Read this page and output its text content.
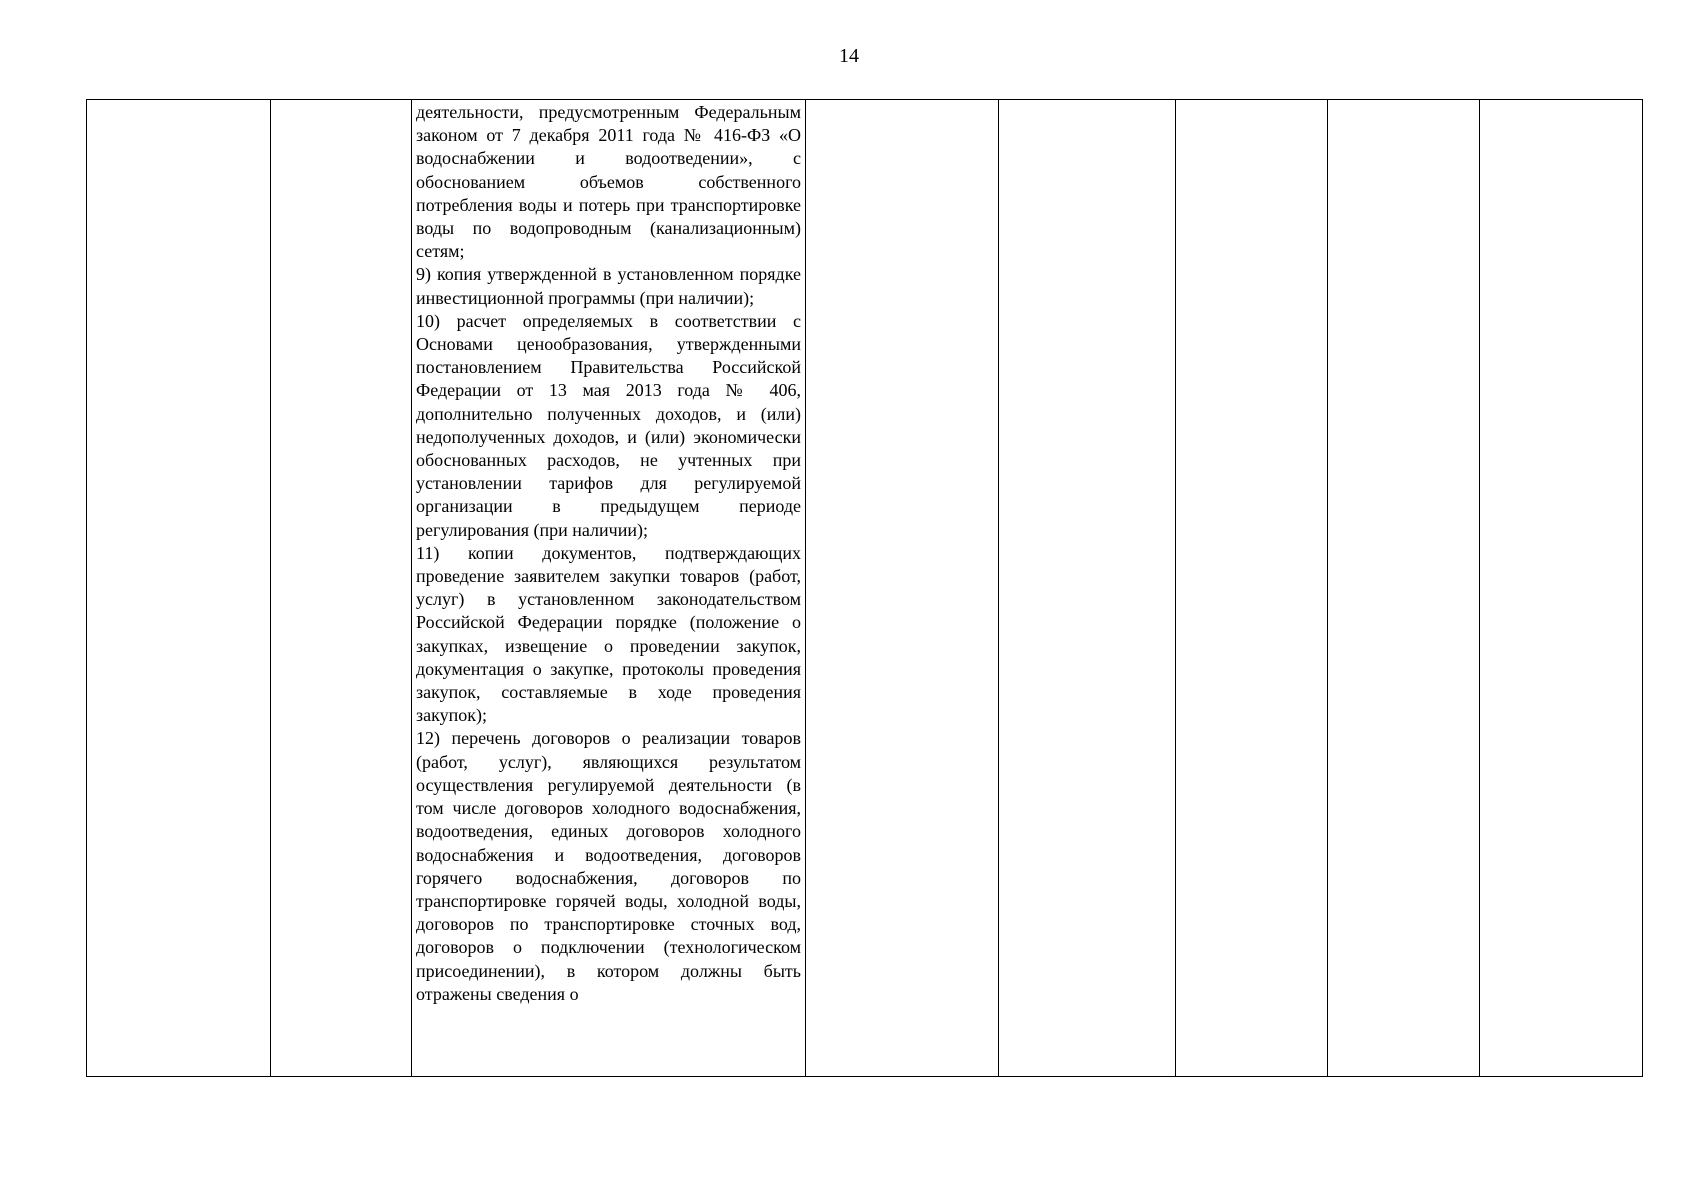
14

деятельности, предусмотренным Федеральным законом от 7 декабря 2011 года № 416-ФЗ «О водоснабжении и водоотведении», с обоснованием объемов собственного потребления воды и потерь при транспортировке воды по водопроводным (канализационным) сетям;

9) копия утвержденной в установленном порядке инвестиционной программы (при наличии);

10) расчет определяемых в соответствии с Основами ценообразования, утвержденными постановлением Правительства Российской Федерации от 13 мая 2013 года № 406, дополнительно полученных доходов, и (или) недополученных доходов, и (или) экономически обоснованных расходов, не учтенных при установлении тарифов для регулируемой организации в предыдущем периоде регулирования (при наличии);

11) копии документов, подтверждающих проведение заявителем закупки товаров (работ, услуг) в установленном законодательством Российской Федерации порядке (положение о закупках, извещение о проведении закупок, документация о закупке, протоколы проведения закупок, составляемые в ходе проведения закупок);

12) перечень договоров о реализации товаров (работ, услуг), являющихся результатом осуществления регулируемой деятельности (в том числе договоров холодного водоснабжения, водоотведения, единых договоров холодного водоснабжения и водоотведения, договоров горячего водоснабжения, договоров по транспортировке горячей воды, холодной воды, договоров по транспортировке сточных вод, договоров о подключении (технологическом присоединении), в котором должны быть отражены сведения о
